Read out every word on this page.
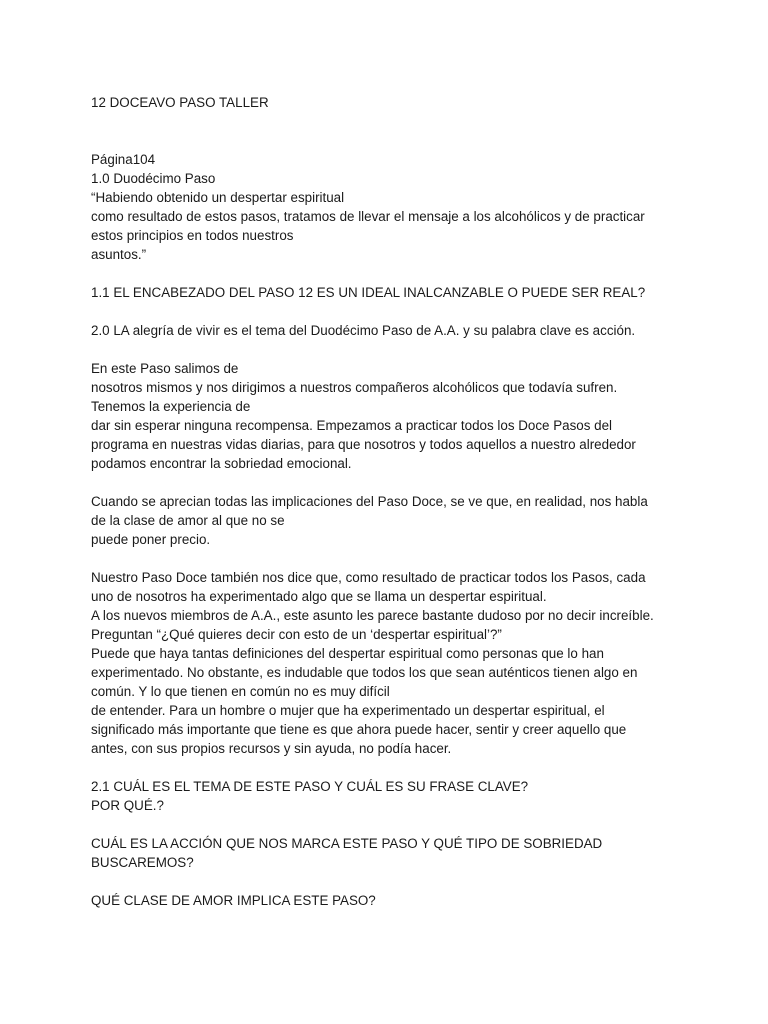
12 DOCEAVO PASO TALLER
Página104
1.0 Duodécimo Paso
“Habiendo obtenido un despertar espiritual
como resultado de estos pasos, tratamos de llevar el mensaje a los alcohólicos y de practicar
estos principios en todos nuestros
asuntos.”
1.1 EL ENCABEZADO DEL PASO 12 ES UN IDEAL INALCANZABLE O PUEDE SER REAL?
2.0 LA alegría de vivir es el tema del Duodécimo Paso de A.A. y su palabra clave es acción.
En este Paso salimos de
nosotros mismos y nos dirigimos a nuestros compañeros alcohólicos que todavía sufren.
Tenemos la experiencia de
dar sin esperar ninguna recompensa. Empezamos a practicar todos los Doce Pasos del
programa en nuestras vidas diarias, para que nosotros y todos aquellos a nuestro alrededor
podamos encontrar la sobriedad emocional.
Cuando se aprecian todas las implicaciones del Paso Doce, se ve que, en realidad, nos habla
de la clase de amor al que no se
puede poner precio.
Nuestro Paso Doce también nos dice que, como resultado de practicar todos los Pasos, cada
uno de nosotros ha experimentado algo que se llama un despertar espiritual.
A los nuevos miembros de A.A., este asunto les parece bastante dudoso por no decir increíble.
Preguntan “¿Qué quieres decir con esto de un ‘despertar espiritual’?”
Puede que haya tantas definiciones del despertar espiritual como personas que lo han
experimentado. No obstante, es indudable que todos los que sean auténticos tienen algo en
común. Y lo que tienen en común no es muy difícil
de entender. Para un hombre o mujer que ha experimentado un despertar espiritual, el
significado más importante que tiene es que ahora puede hacer, sentir y creer aquello que
antes, con sus propios recursos y sin ayuda, no podía hacer.
2.1 CUÁL ES EL TEMA DE ESTE PASO Y CUÁL ES SU FRASE CLAVE?
POR QUÉ.?
CUÁL ES LA ACCIÓN QUE NOS MARCA ESTE PASO Y QUÉ TIPO DE SOBRIEDAD
BUSCAREMOS?
QUÉ CLASE DE AMOR IMPLICA ESTE PASO?
